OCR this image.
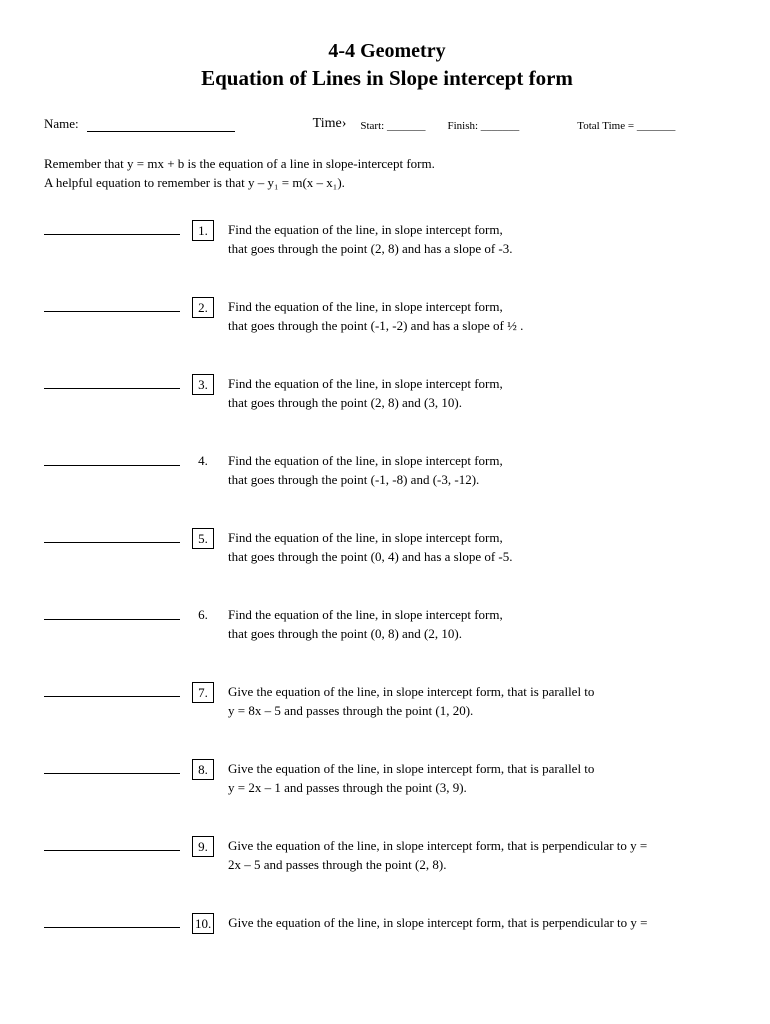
4-4 Geometry
Equation of Lines in Slope intercept form
Name:	Time› Start: _______ Finish: _______	Total Time = _______
Remember that y = mx + b is the equation of a line in slope-intercept form.
A helpful equation to remember is that y – y₁ = m(x – x₁).
1.	Find the equation of the line, in slope intercept form,
that goes through the point (2, 8) and has a slope of -3.
2.	Find the equation of the line, in slope intercept form,
that goes through the point (-1, -2) and has a slope of ½ .
3.	Find the equation of the line, in slope intercept form,
that goes through the point (2, 8) and (3, 10).
4.	Find the equation of the line, in slope intercept form,
that goes through the point (-1, -8) and (-3, -12).
5.	Find the equation of the line, in slope intercept form,
that goes through the point (0, 4) and has a slope of -5.
6.	Find the equation of the line, in slope intercept form,
that goes through the point (0, 8) and (2, 10).
7.	Give the equation of the line, in slope intercept form, that is parallel to
y = 8x – 5 and passes through the point (1, 20).
8.	Give the equation of the line, in slope intercept form, that is parallel to
y = 2x – 1 and passes through the point (3, 9).
9.	Give the equation of the line, in slope intercept form, that is perpendicular to y =
2x – 5 and passes through the point (2, 8).
10. Give the equation of the line, in slope intercept form, that is perpendicular to y =
